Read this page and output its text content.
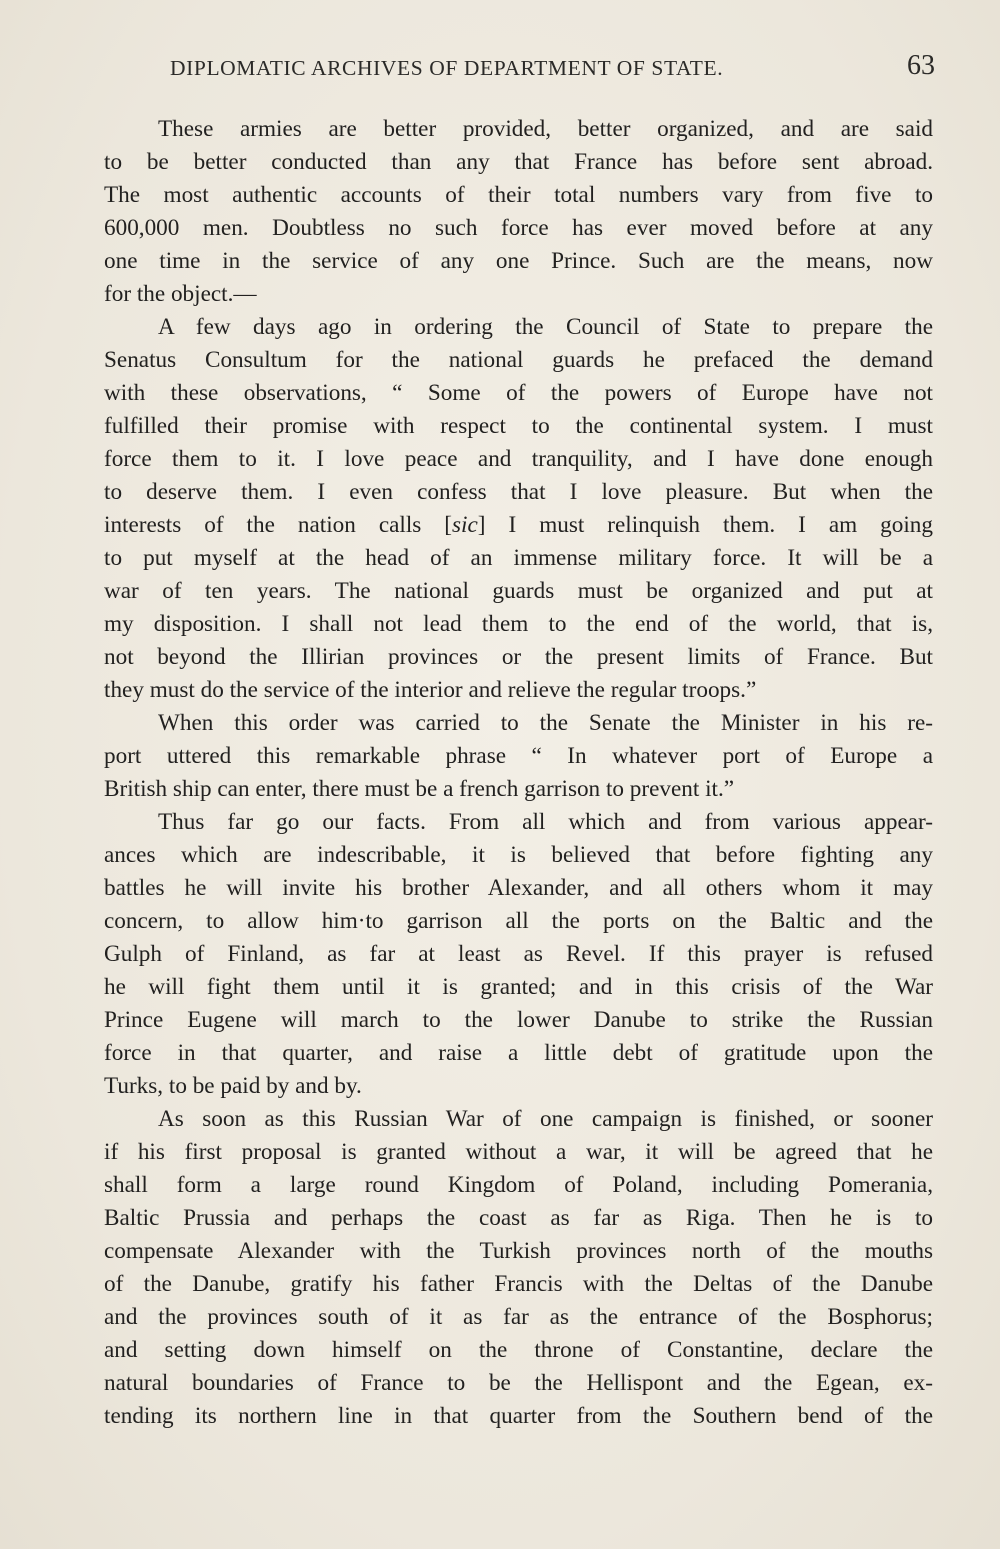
DIPLOMATIC ARCHIVES OF DEPARTMENT OF STATE.	63
These armies are better provided, better organized, and are said
to be better conducted than any that France has before sent abroad.
The most authentic accounts of their total numbers vary from five to
600,000 men. Doubtless no such force has ever moved before at any
one time in the service of any one Prince. Such are the means, now
for the object.—
A few days ago in ordering the Council of State to prepare the
Senatus Consultum for the national guards he prefaced the demand
with these observations, “ Some of the powers of Europe have not
fulfilled their promise with respect to the continental system. I must
force them to it. I love peace and tranquility, and I have done enough
to deserve them. I even confess that I love pleasure. But when the
interests of the nation calls [sic] I must relinquish them. I am going
to put myself at the head of an immense military force. It will be a
war of ten years. The national guards must be organized and put at
my disposition. I shall not lead them to the end of the world, that is,
not beyond the Illirian provinces or the present limits of France. But
they must do the service of the interior and relieve the regular troops.”
When this order was carried to the Senate the Minister in his re-
port uttered this remarkable phrase “ In whatever port of Europe a
British ship can enter, there must be a french garrison to prevent it.”
Thus far go our facts. From all which and from various appear-
ances which are indescribable, it is believed that before fighting any
battles he will invite his brother Alexander, and all others whom it may
concern, to allow him·to garrison all the ports on the Baltic and the
Gulph of Finland, as far at least as Revel. If this prayer is refused
he will fight them until it is granted; and in this crisis of the War
Prince Eugene will march to the lower Danube to strike the Russian
force in that quarter, and raise a little debt of gratitude upon the
Turks, to be paid by and by.
As soon as this Russian War of one campaign is finished, or sooner
if his first proposal is granted without a war, it will be agreed that he
shall form a large round Kingdom of Poland, including Pomerania,
Baltic Prussia and perhaps the coast as far as Riga. Then he is to
compensate Alexander with the Turkish provinces north of the mouths
of the Danube, gratify his father Francis with the Deltas of the Danube
and the provinces south of it as far as the entrance of the Bosphorus;
and setting down himself on the throne of Constantine, declare the
natural boundaries of France to be the Hellispont and the Egean, ex-
tending its northern line in that quarter from the Southern bend of the
